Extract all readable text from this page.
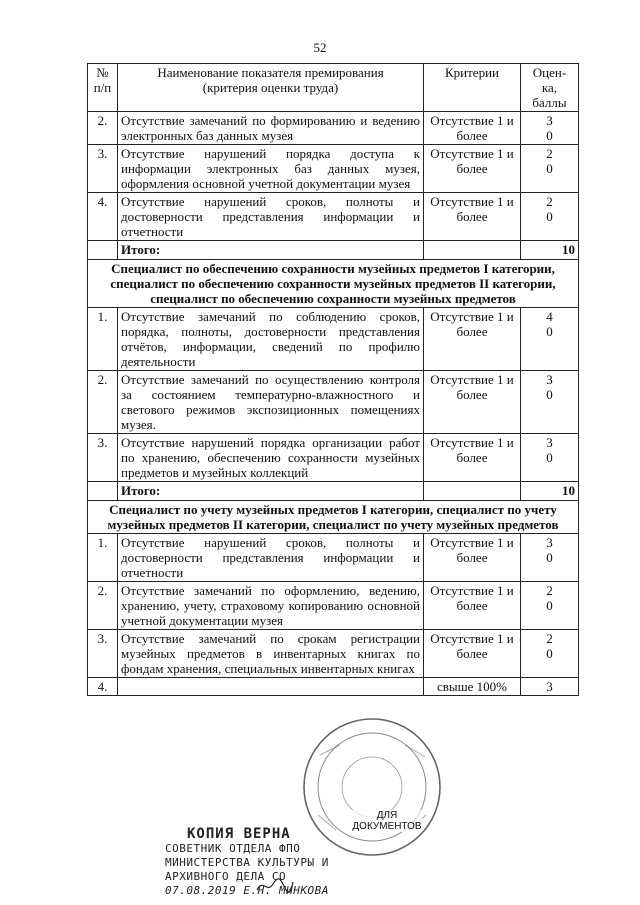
52
№
п/п	Наименование показателя премирования
(критерия оценки труда)	Критерии	Оцен-
ка,
баллы
2.	Отсутствие замечаний по формированию и ведению электронных баз данных музея	Отсутствие 1 и более	3
0
3.	Отсутствие нарушений порядка доступа к информации электронных баз данных музея, оформления основной учетной документации музея	Отсутствие 1 и более	2
0
4.	Отсутствие нарушений сроков, полноты и достоверности представления информации и отчетности	Отсутствие 1 и более	2
0
	Итого:		10
Специалист по обеспечению сохранности музейных предметов I категории, специалист по обеспечению сохранности музейных предметов II категории, специалист по обеспечению сохранности музейных предметов			
1.	Отсутствие замечаний по соблюдению сроков, порядка, полноты, достоверности представления отчётов, информации, сведений по профилю деятельности	Отсутствие 1 и более	4
0
2.	Отсутствие замечаний по осуществлению контроля за состоянием температурно-влажностного и светового режимов экспозиционных помещениях музея.	Отсутствие 1 и более	3
0
3.	Отсутствие нарушений порядка организации работ по хранению, обеспечению сохранности музейных предметов и музейных коллекций	Отсутствие 1 и более	3
0
	Итого:		10
Специалист по учету музейных предметов I категории, специалист по учету музейных предметов II категории, специалист по учету музейных предметов			
1.	Отсутствие нарушений сроков, полноты и достоверности представления информации и отчетности	Отсутствие 1 и более	3
0
2.	Отсутствие замечаний по оформлению, ведению, хранению, учету, страховому копированию основной учетной документации музея	Отсутствие 1 и более	2
0
3.	Отсутствие замечаний по срокам регистрации музейных предметов в инвентарных книгах по фондам хранения, специальных инвентарных книгах	Отсутствие 1 и более	2
0
4.		свыше 100%	3
ДЛЯ
ДОКУМЕНТОВ
КОПИЯ ВЕРНА
СОВЕТНИК ОТДЕЛА ФПО
МИНИСТЕРСТВА КУЛЬТУРЫ И
АРХИВНОГО ДЕЛА СО
07.08.2019 Е.Н. МИНКОВА
